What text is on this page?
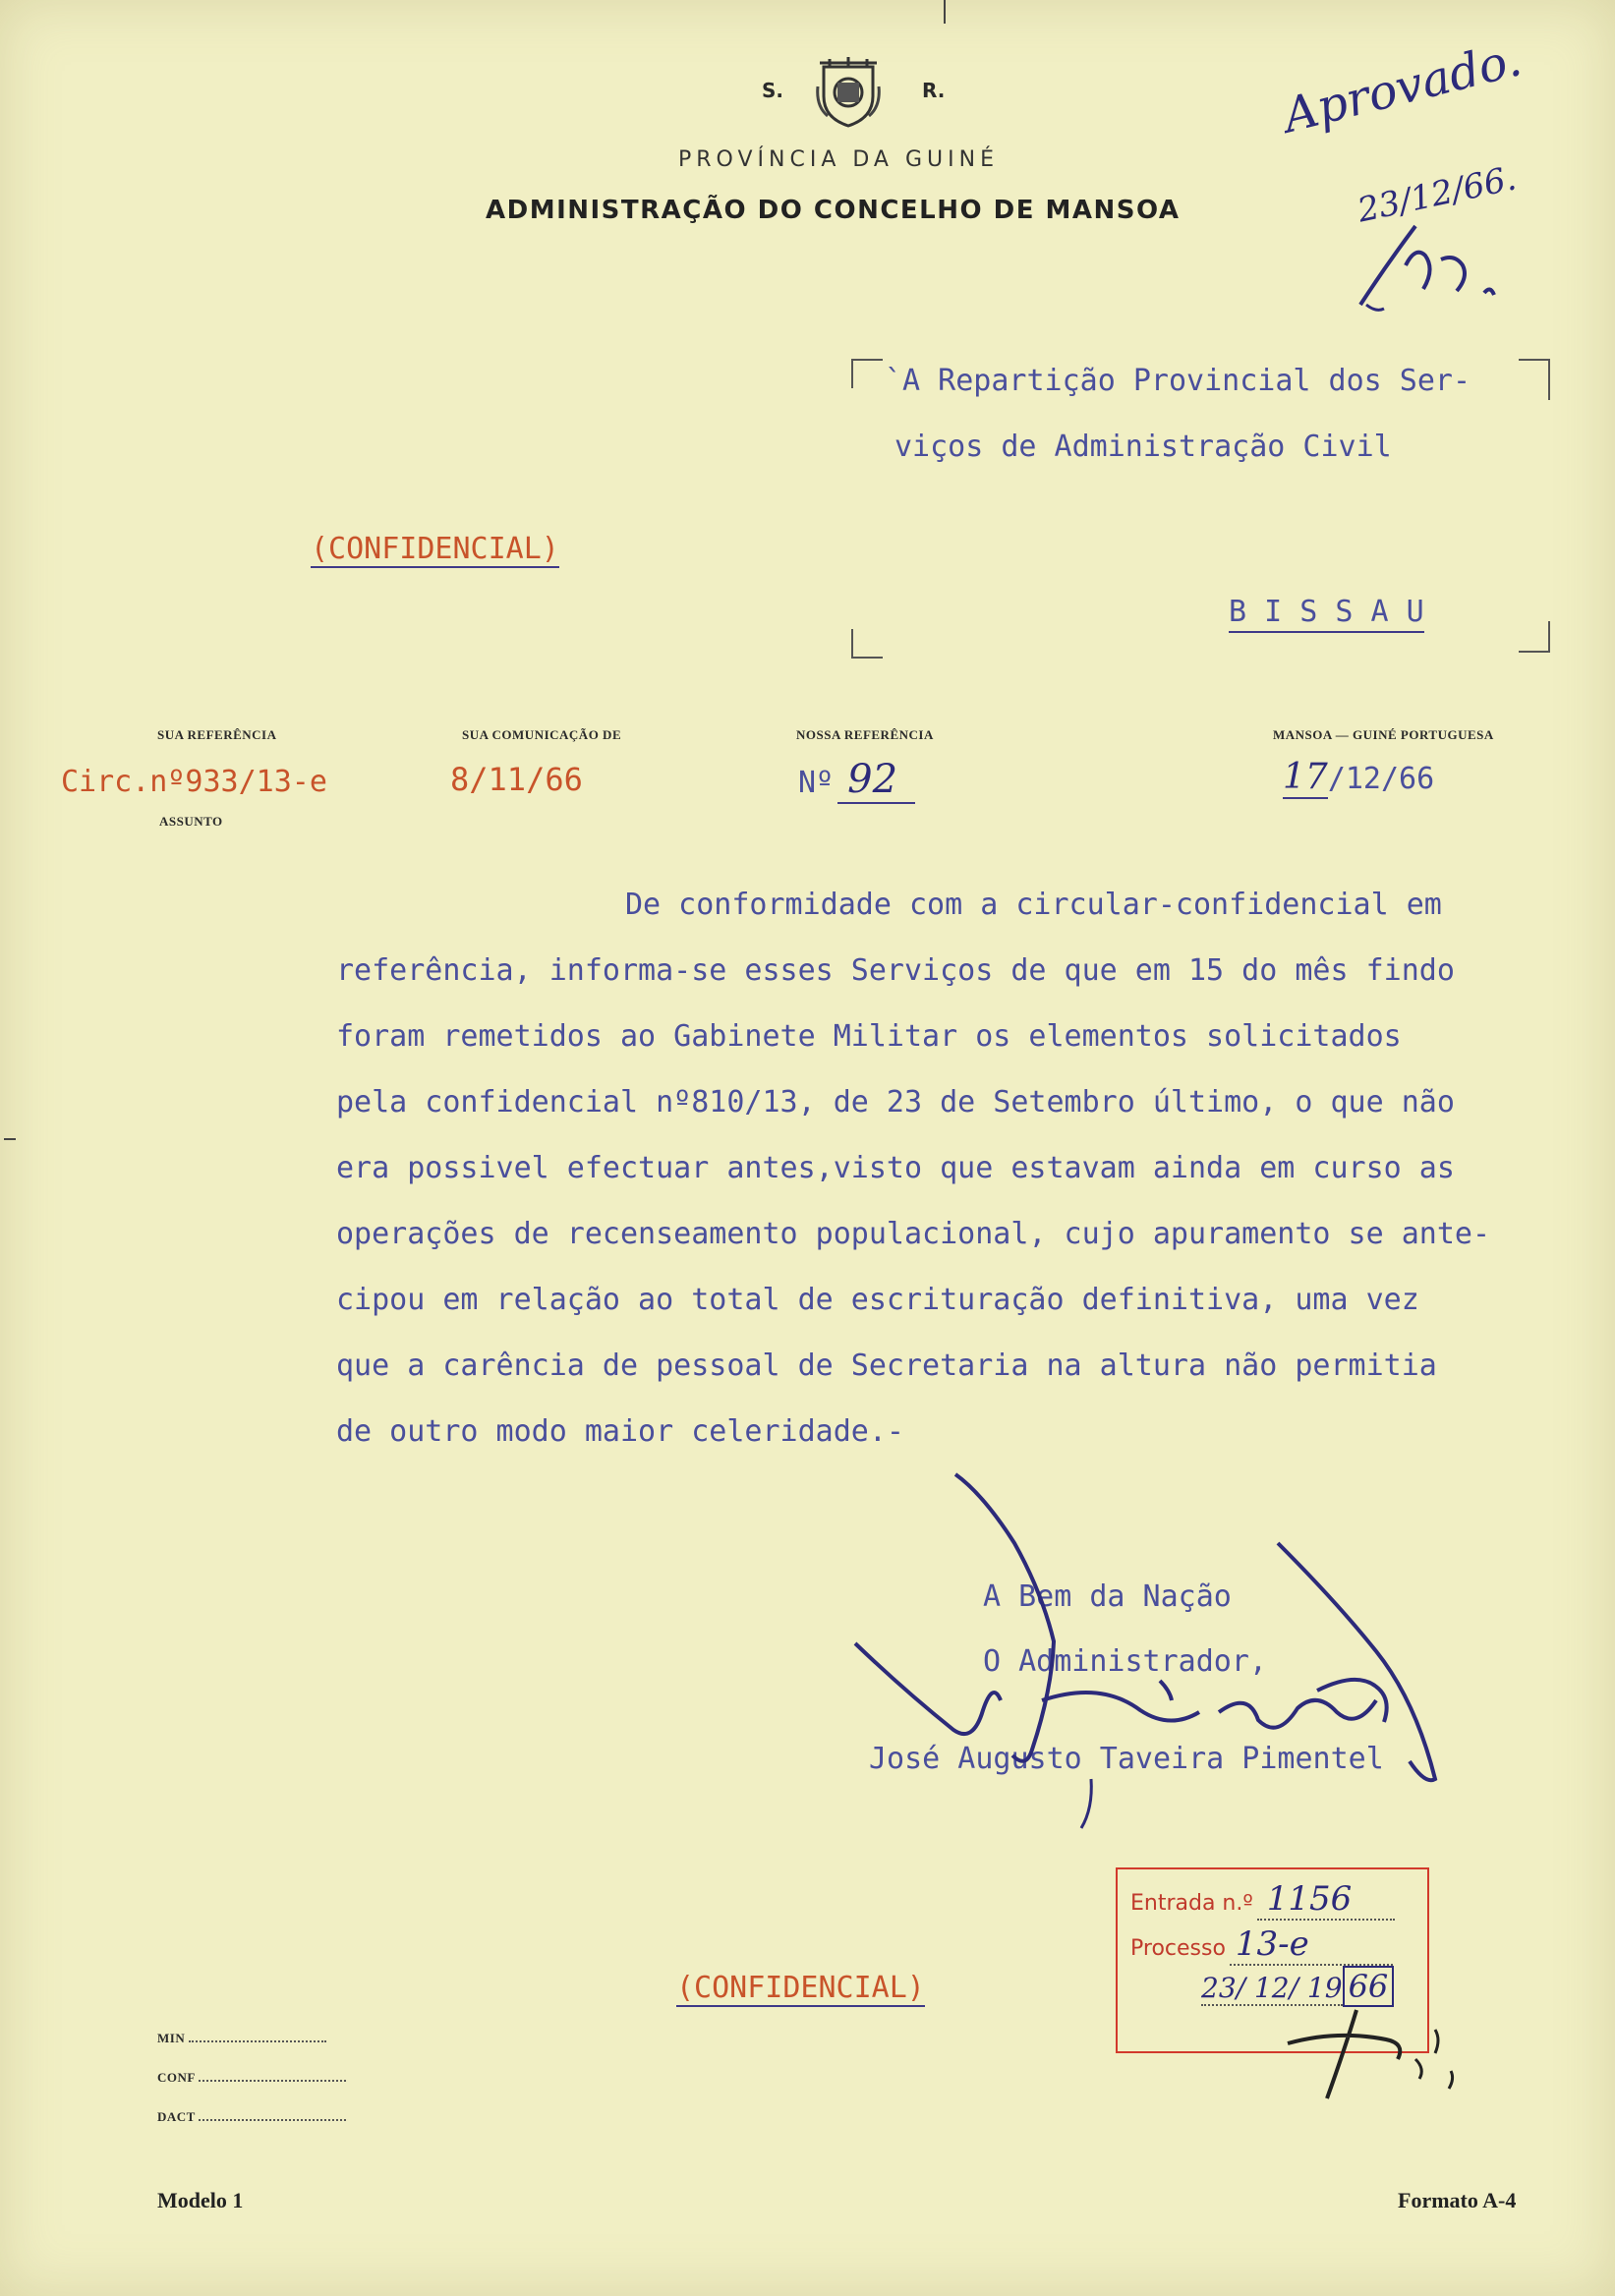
S.	R.
PROVÍNCIA DA GUINÉ
ADMINISTRAÇÃO DO CONCELHO DE MANSOA
Aprovado.
23/12/66.
`A Repartição Provincial dos Ser-
viços de Administração Civil
B I S S A U
(CONFIDENCIAL)
SUA REFERÊNCIA	SUA COMUNICAÇÃO DE	NOSSA REFERÊNCIA	MANSOA — GUINÉ PORTUGUESA
Circ.nº933/13-e	8/11/66	Nº 92	17/12/66
ASSUNTO
De conformidade com a circular-confidencial em
referência, informa-se esses Serviços de que em 15 do mês findo
foram remetidos ao Gabinete Militar os elementos solicitados
pela confidencial nº810/13, de 23 de Setembro último, o que não
era possivel efectuar antes,visto que estavam ainda em curso as
operações de recenseamento populacional, cujo apuramento se ante-
cipou em relação ao total de escrituração definitiva, uma vez
que a carência de pessoal de Secretaria na altura não permitia
de outro modo maior celeridade.-
A Bem da Nação
O Administrador,
José Augusto Taveira Pimentel
Entrada n.º 1156
Processo 13-e
23/ 12/ 19 66
(CONFIDENCIAL)
MIN
CONF
DACT
Modelo 1	Formato A-4
